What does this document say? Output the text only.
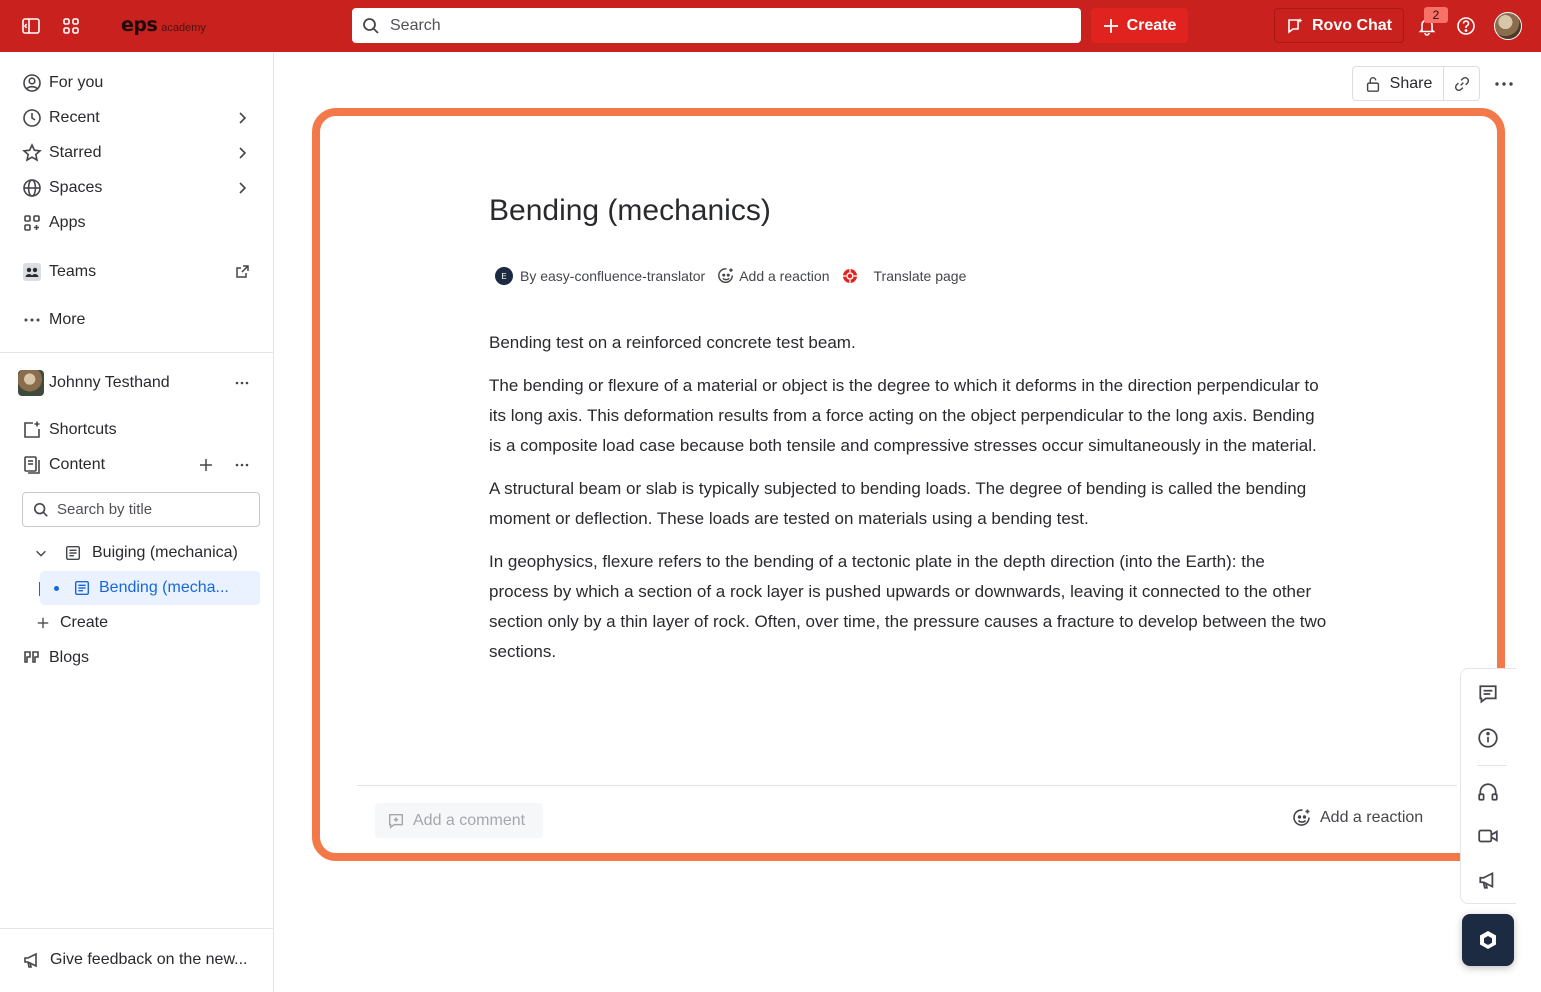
eps academy	Search	Create	Rovo Chat
2
For you
Recent
Starred
Spaces
Apps
Teams
More
Johnny Testhand
Shortcuts
Content
Search by title
Buiging (mechanica)
Bending (mecha...
Create
Blogs
Give feedback on the new...
Share
Bending (mechanics)
E By easy-confluence-translator Add a reaction	Translate page

Bending test on a reinforced concrete test beam.

The bending or flexure of a material or object is the degree to which it deforms in the direction perpendicular to its long axis. This deformation results from a force acting on the object perpendicular to the long axis. Bending is a composite load case because both tensile and compressive stresses occur simultaneously in the material.

A structural beam or slab is typically subjected to bending loads. The degree of bending is called the bending moment or deflection. These loads are tested on materials using a bending test.

In geophysics, flexure refers to the bending of a tectonic plate in the depth direction (into the Earth): the process by which a section of a rock layer is pushed upwards or downwards, leaving it connected to the other section only by a thin layer of rock. Often, over time, the pressure causes a fracture to develop between the two sections.

Add a comment	Add a reaction
